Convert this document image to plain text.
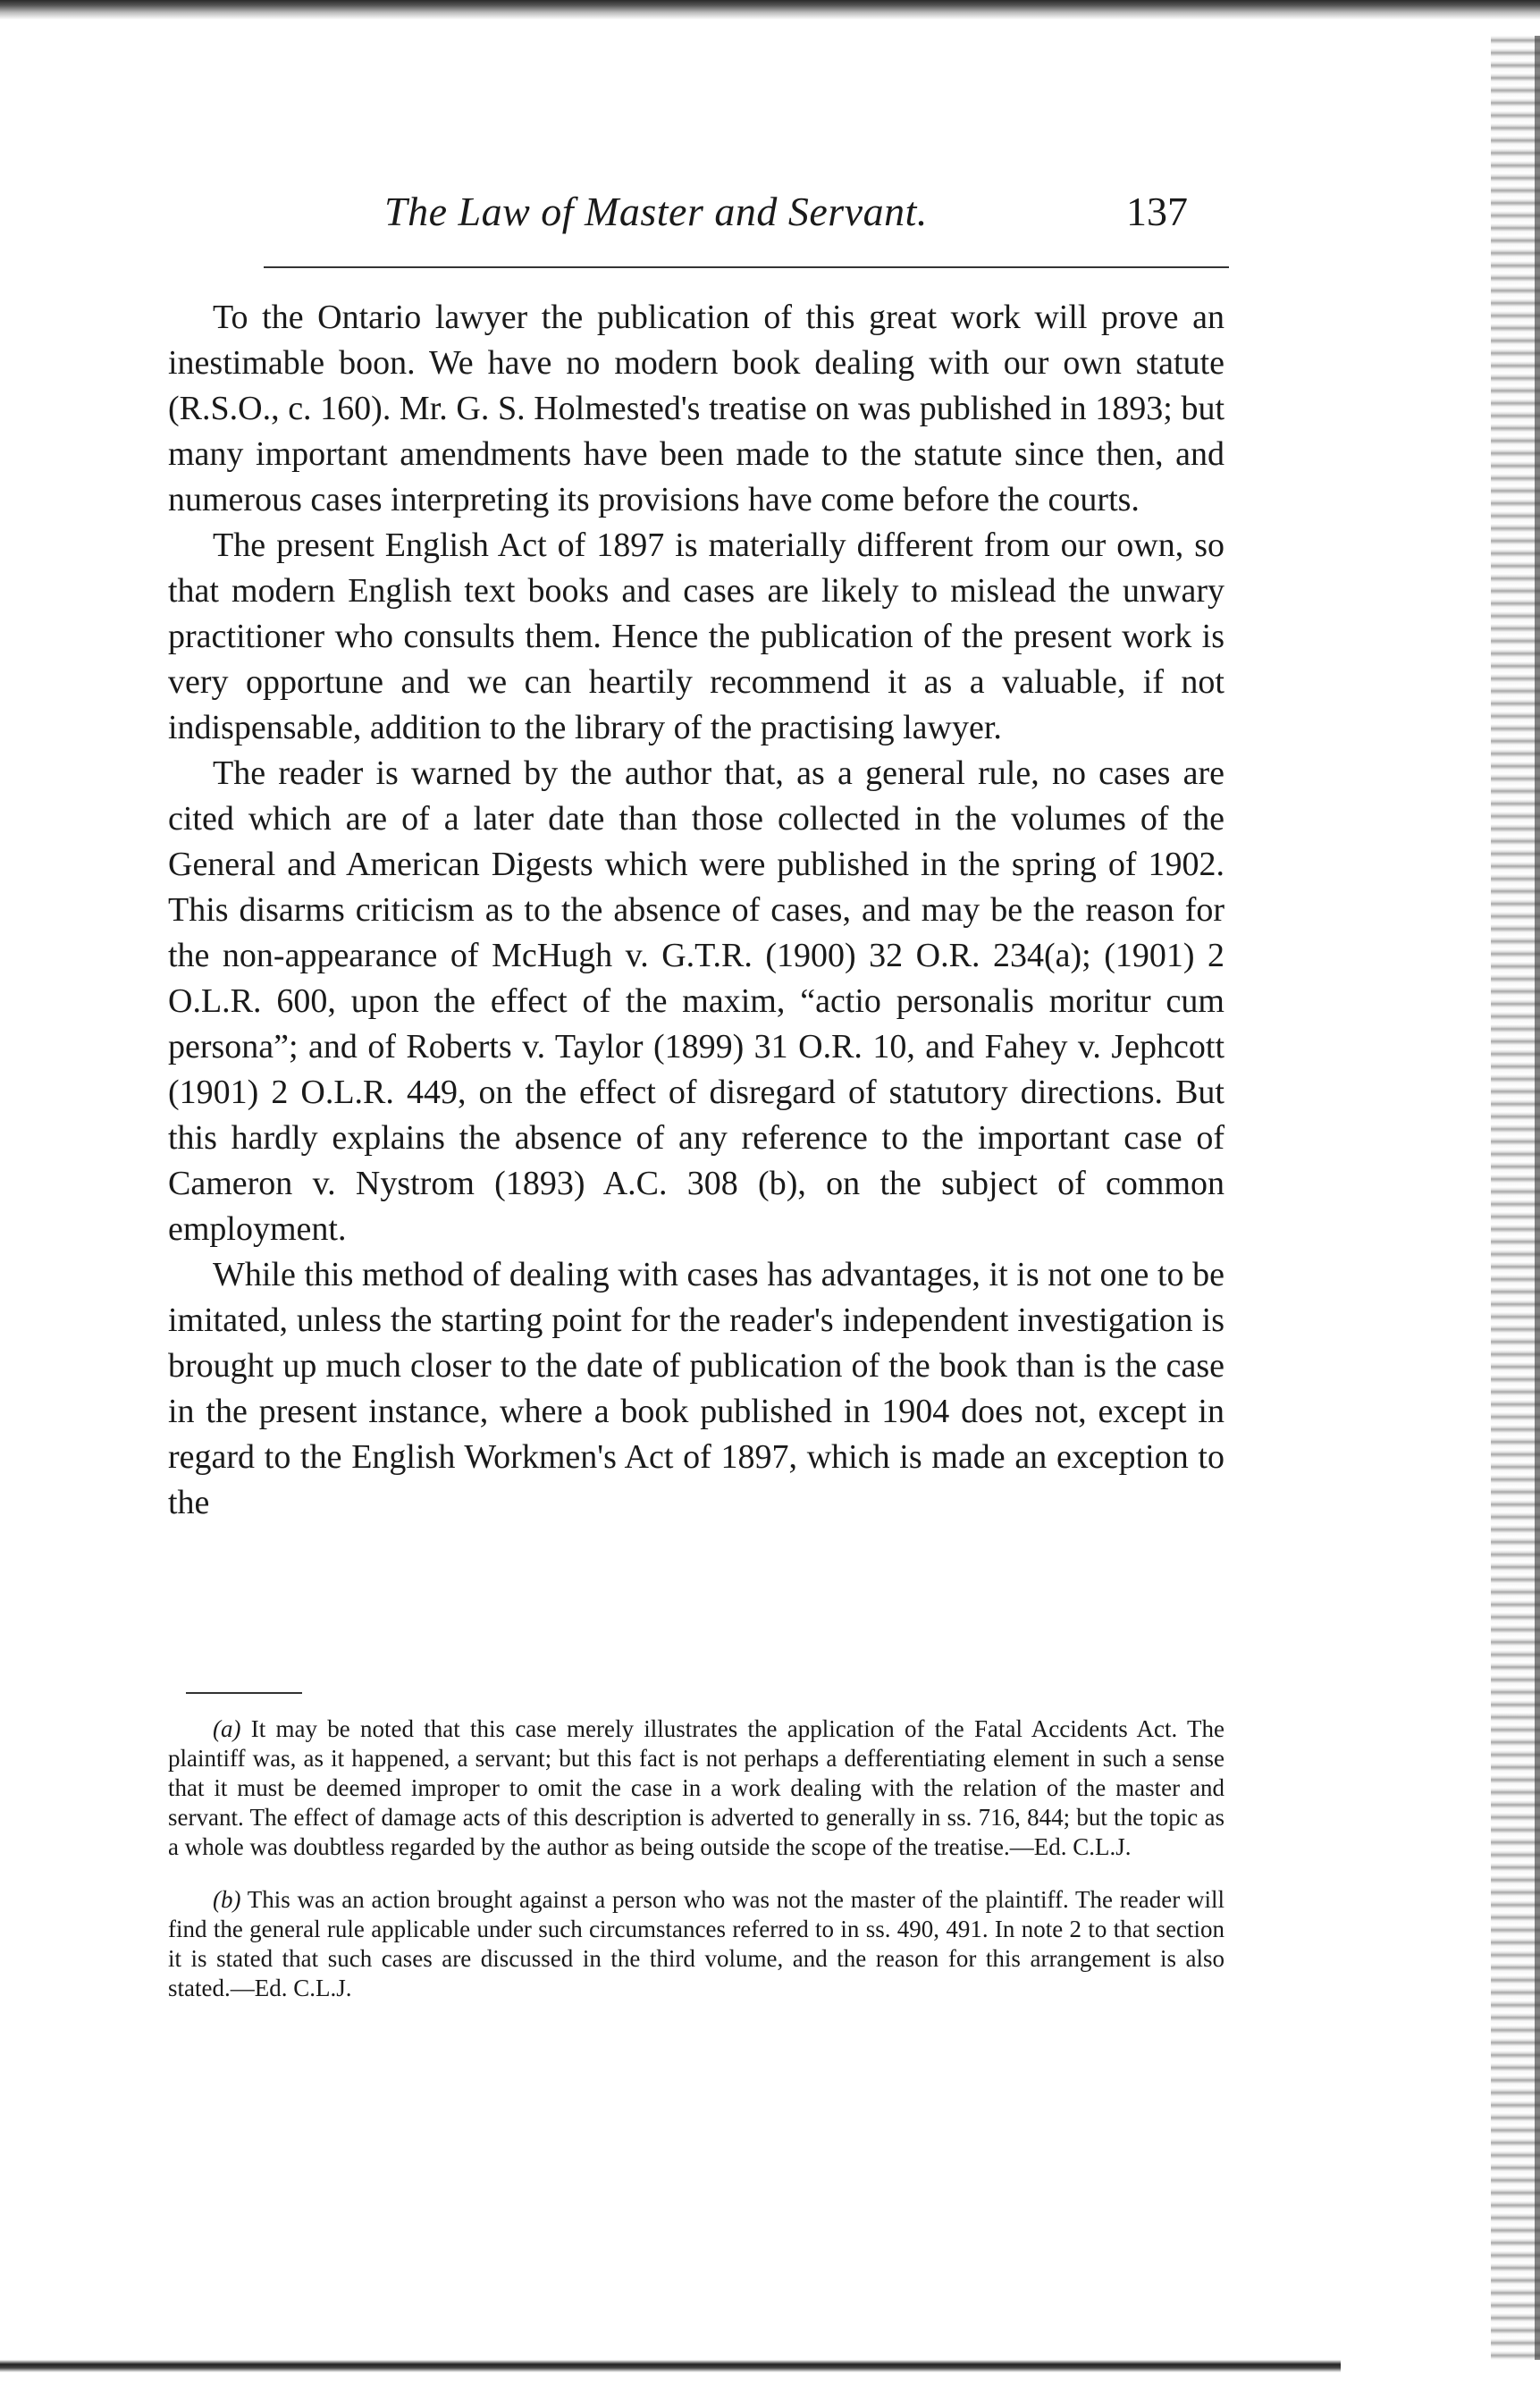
The Law of Master and Servant.	137

To the Ontario lawyer the publication of this great work will prove an inestimable boon. We have no modern book dealing with our own statute (R.S.O., c. 160). Mr. G. S. Holmested's treatise on was published in 1893; but many important amendments have been made to the statute since then, and numerous cases interpreting its provisions have come before the courts.

The present English Act of 1897 is materially different from our own, so that modern English text books and cases are likely to mislead the unwary practitioner who consults them. Hence the publication of the present work is very opportune and we can heartily recommend it as a valuable, if not indispensable, addition to the library of the practising lawyer.

The reader is warned by the author that, as a general rule, no cases are cited which are of a later date than those collected in the volumes of the General and American Digests which were published in the spring of 1902. This disarms criticism as to the absence of cases, and may be the reason for the non-appearance of McHugh v. G.T.R. (1900) 32 O.R. 234(a); (1901) 2 O.L.R. 600, upon the effect of the maxim, “actio personalis moritur cum persona”; and of Roberts v. Taylor (1899) 31 O.R. 10, and Fahey v. Jephcott (1901) 2 O.L.R. 449, on the effect of disregard of statutory directions. But this hardly explains the absence of any reference to the important case of Cameron v. Nystrom (1893) A.C. 308 (b), on the subject of common employment.

While this method of dealing with cases has advantages, it is not one to be imitated, unless the starting point for the reader's independent investigation is brought up much closer to the date of publication of the book than is the case in the present instance, where a book published in 1904 does not, except in regard to the English Workmen's Act of 1897, which is made an exception to the

(a) It may be noted that this case merely illustrates the application of the Fatal Accidents Act. The plaintiff was, as it happened, a servant; but this fact is not perhaps a defferentiating element in such a sense that it must be deemed improper to omit the case in a work dealing with the relation of the master and servant. The effect of damage acts of this description is adverted to generally in ss. 716, 844; but the topic as a whole was doubtless regarded by the author as being outside the scope of the treatise.—Ed. C.L.J.

(b) This was an action brought against a person who was not the master of the plaintiff. The reader will find the general rule applicable under such circumstances referred to in ss. 490, 491. In note 2 to that section it is stated that such cases are discussed in the third volume, and the reason for this arrangement is also stated.—Ed. C.L.J.
